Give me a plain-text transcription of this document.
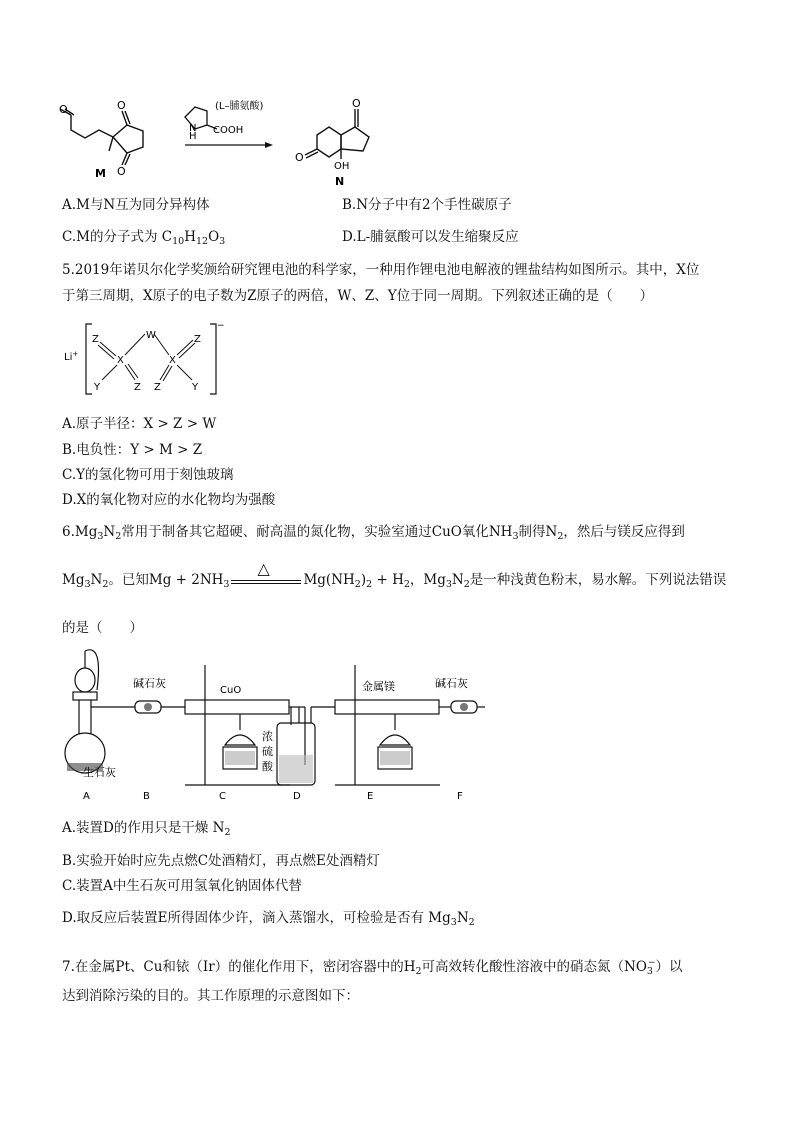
O	O
O
M
H
N COOH
(L–脯氨酸)	O
O
OH
N
A.M与N互为同分异构体	B.N分子中有2个手性碳原子
C.M的分子式为 $C_{10}H_{12}O_3$	D.L-脯氨酸可以发生缩聚反应
5.2019年诺贝尔化学奖颁给研究锂电池的科学家，一种用作锂电池电解液的锂盐结构如图所示。其中，X位
于第三周期，X原子的电子数为Z原子的两倍，W、Z、Y位于同一周期。下列叙述正确的是（　　）
Li+
−
Z
X
Y	Z
W
X
Z
Z	Y
A.原子半径：X > Z > W
B.电负性：Y > M > Z
C.Y的氢化物可用于刻蚀玻璃
D.X的氧化物对应的水化物均为强酸
$6.Mg_3N_2$常用于制备其它超硬、耐高温的氮化物，实验室通过CuO氧化$NH_3$制得$N_2$，然后与镁反应得到
$Mg_3N_2$。已知$Mg + 2NH_3$
△
$Mg(NH_2)_2 + H_2$，$Mg_3N_2$是一种浅黄色粉末，易水解。下列说法错误
的是（　　）
碱石灰
CuO
生石灰
浓
硫
酸
金属镁	碱石灰
A	B	C	D	E	F
A.装置D的作用只是干燥 $N_2$
B.实验开始时应先点燃C处酒精灯，再点燃E处酒精灯
C.装置A中生石灰可用氢氧化钠固体代替
D.取反应后装置E所得固体少许，滴入蒸馏水，可检验是否有 $Mg_3N_2$
7.在金属Pt、Cu和铱（Ir）的催化作用下，密闭容器中的$H_2$可高效转化酸性溶液中的硝态氮$(NO_3^-)$以
达到消除污染的目的。其工作原理的示意图如下：
